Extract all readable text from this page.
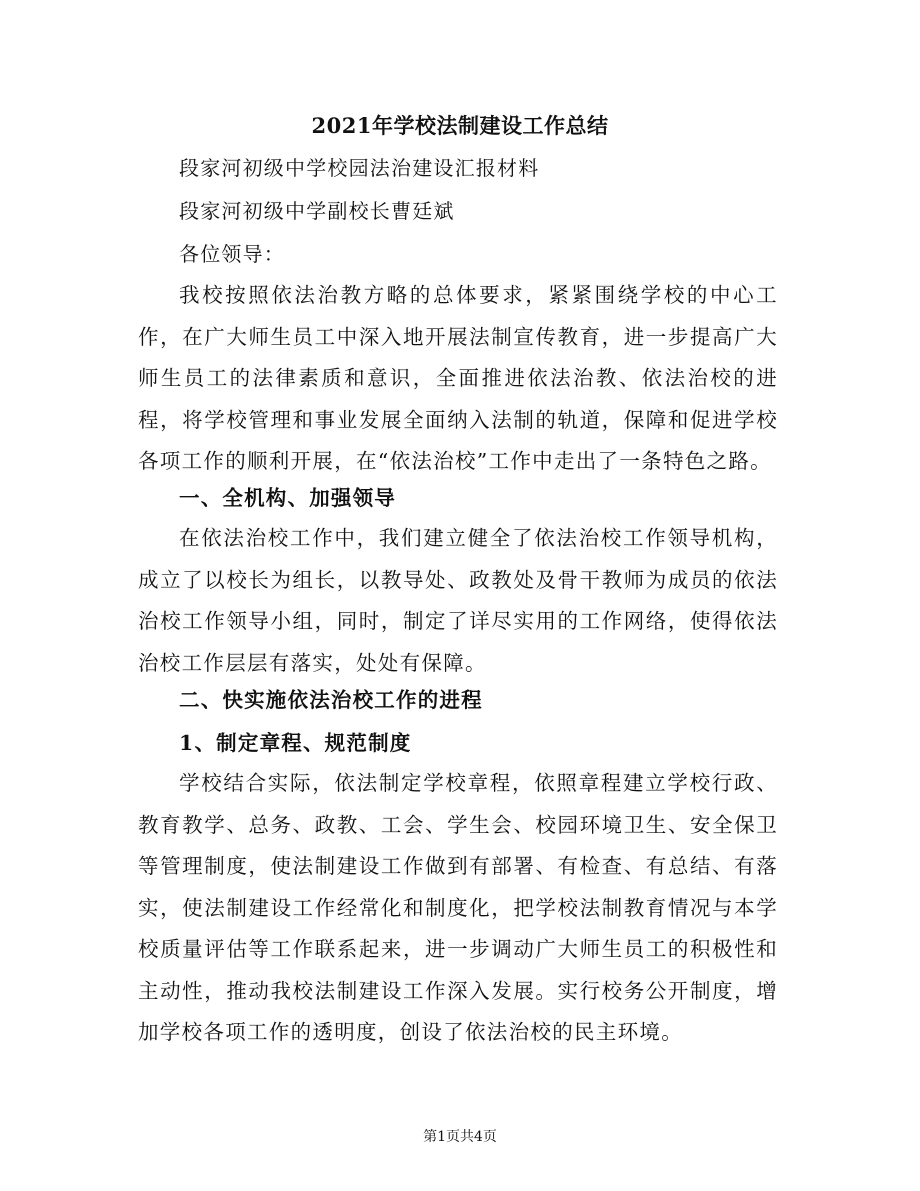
2021年学校法制建设工作总结
段家河初级中学校园法治建设汇报材料
段家河初级中学副校长曹廷斌
各位领导：

我校按照依法治教方略的总体要求，紧紧围绕学校的中心工作，在广大师生员工中深入地开展法制宣传教育，进一步提高广大师生员工的法律素质和意识，全面推进依法治教、依法治校的进程，将学校管理和事业发展全面纳入法制的轨道，保障和促进学校各项工作的顺利开展，在“依法治校”工作中走出了一条特色之路。

一、全机构、加强领导

在依法治校工作中，我们建立健全了依法治校工作领导机构，成立了以校长为组长，以教导处、政教处及骨干教师为成员的依法治校工作领导小组，同时，制定了详尽实用的工作网络，使得依法治校工作层层有落实，处处有保障。

二、快实施依法治校工作的进程
1、制定章程、规范制度

学校结合实际，依法制定学校章程，依照章程建立学校行政、教育教学、总务、政教、工会、学生会、校园环境卫生、安全保卫等管理制度，使法制建设工作做到有部署、有检查、有总结、有落实，使法制建设工作经常化和制度化，把学校法制教育情况与本学校质量评估等工作联系起来，进一步调动广大师生员工的积极性和主动性，推动我校法制建设工作深入发展。实行校务公开制度，增加学校各项工作的透明度，创设了依法治校的民主环境。

第1页共4页
